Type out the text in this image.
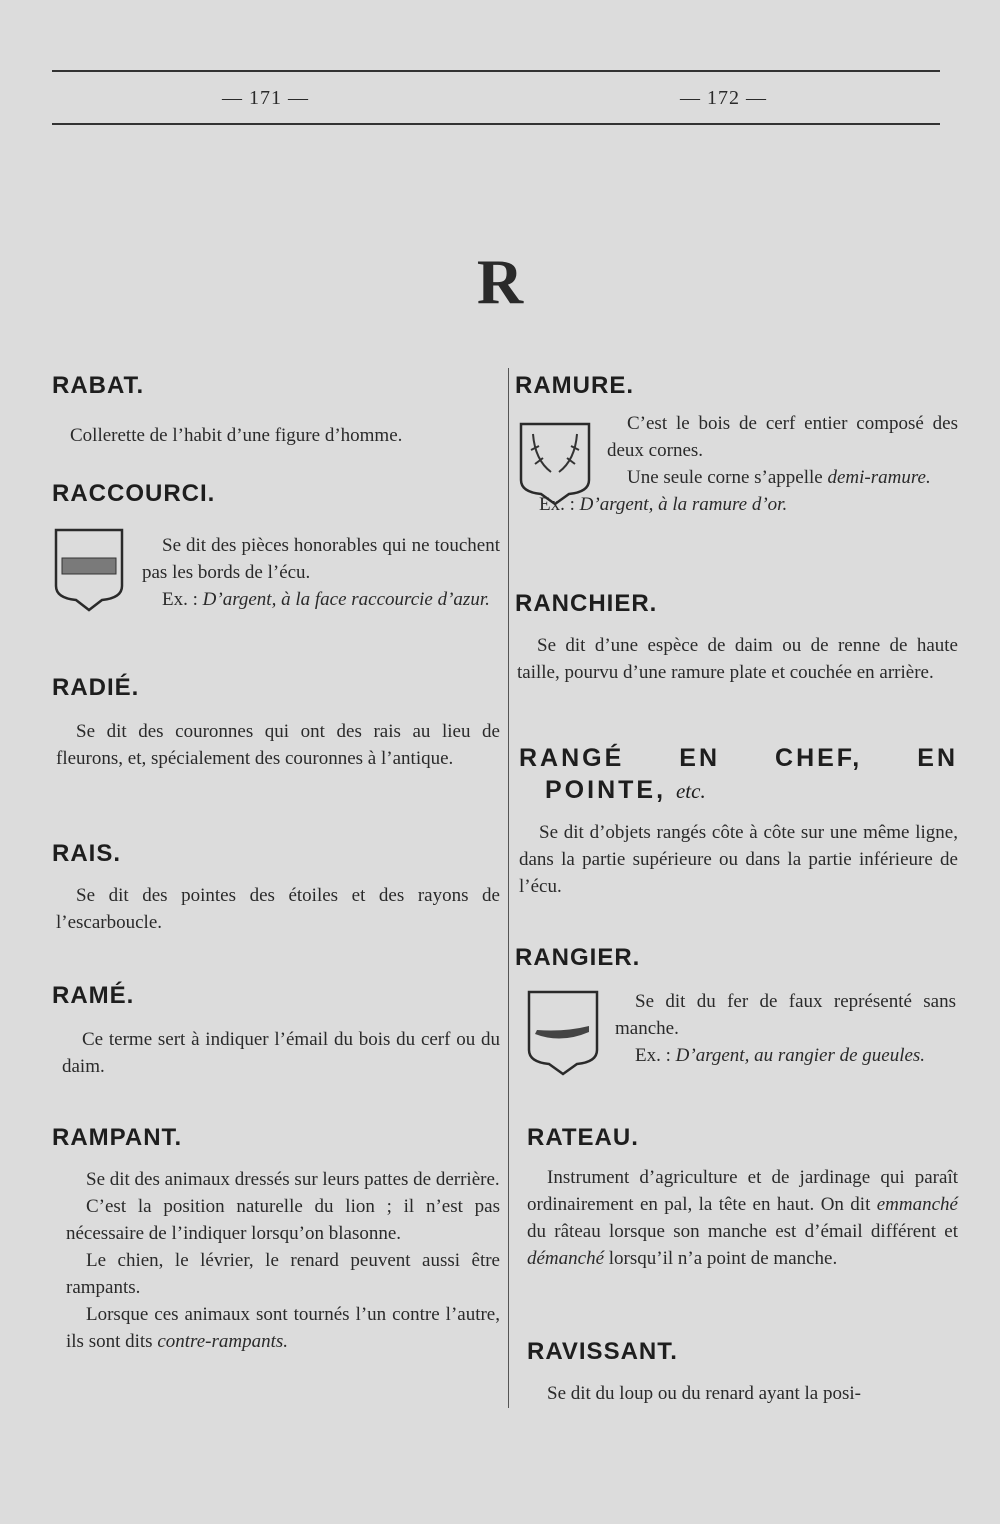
— 171 —	— 172 —
R
RABAT.

Collerette de l’habit d’une figure d’homme.

RACCOURCI.

Se dit des pièces honorables qui ne touchent pas les bords de l’écu.

Ex. : D’argent, à la face raccourcie d’azur.

RADIÉ.

Se dit des couronnes qui ont des rais au lieu de fleurons, et, spécialement des couronnes à l’antique.

RAIS.

Se dit des pointes des étoiles et des rayons de l’escarboucle.

RAMÉ.

Ce terme sert à indiquer l’émail du bois du cerf ou du daim.

RAMPANT.

Se dit des animaux dressés sur leurs pattes de derrière.

C’est la position naturelle du lion ; il n’est pas nécessaire de l’indiquer lorsqu’on blasonne.

Le chien, le lévrier, le renard peuvent aussi être rampants.

Lorsque ces animaux sont tournés l’un contre l’autre, ils sont dits contre-rampants.

RAMURE.

C’est le bois de cerf entier composé des deux cornes.

Une seule corne s’appelle demi-ramure.

Ex. : D’argent, à la ramure d’or.

RANCHIER.

Se dit d’une espèce de daim ou de renne de haute taille, pourvu d’une ramure plate et couchée en arrière.

RANGÉ EN CHEF, EN
POINTE, etc.

Se dit d’objets rangés côte à côte sur une même ligne, dans la partie supérieure ou dans la partie inférieure de l’écu.

RANGIER.

Se dit du fer de faux représenté sans manche.

Ex. : D’argent, au rangier de gueules.

RATEAU.

Instrument d’agriculture et de jardinage qui paraît ordinairement en pal, la tête en haut. On dit emmanché du râteau lorsque son manche est d’émail différent et démanché lorsqu’il n’a point de manche.

RAVISSANT.

Se dit du loup ou du renard ayant la posi-
